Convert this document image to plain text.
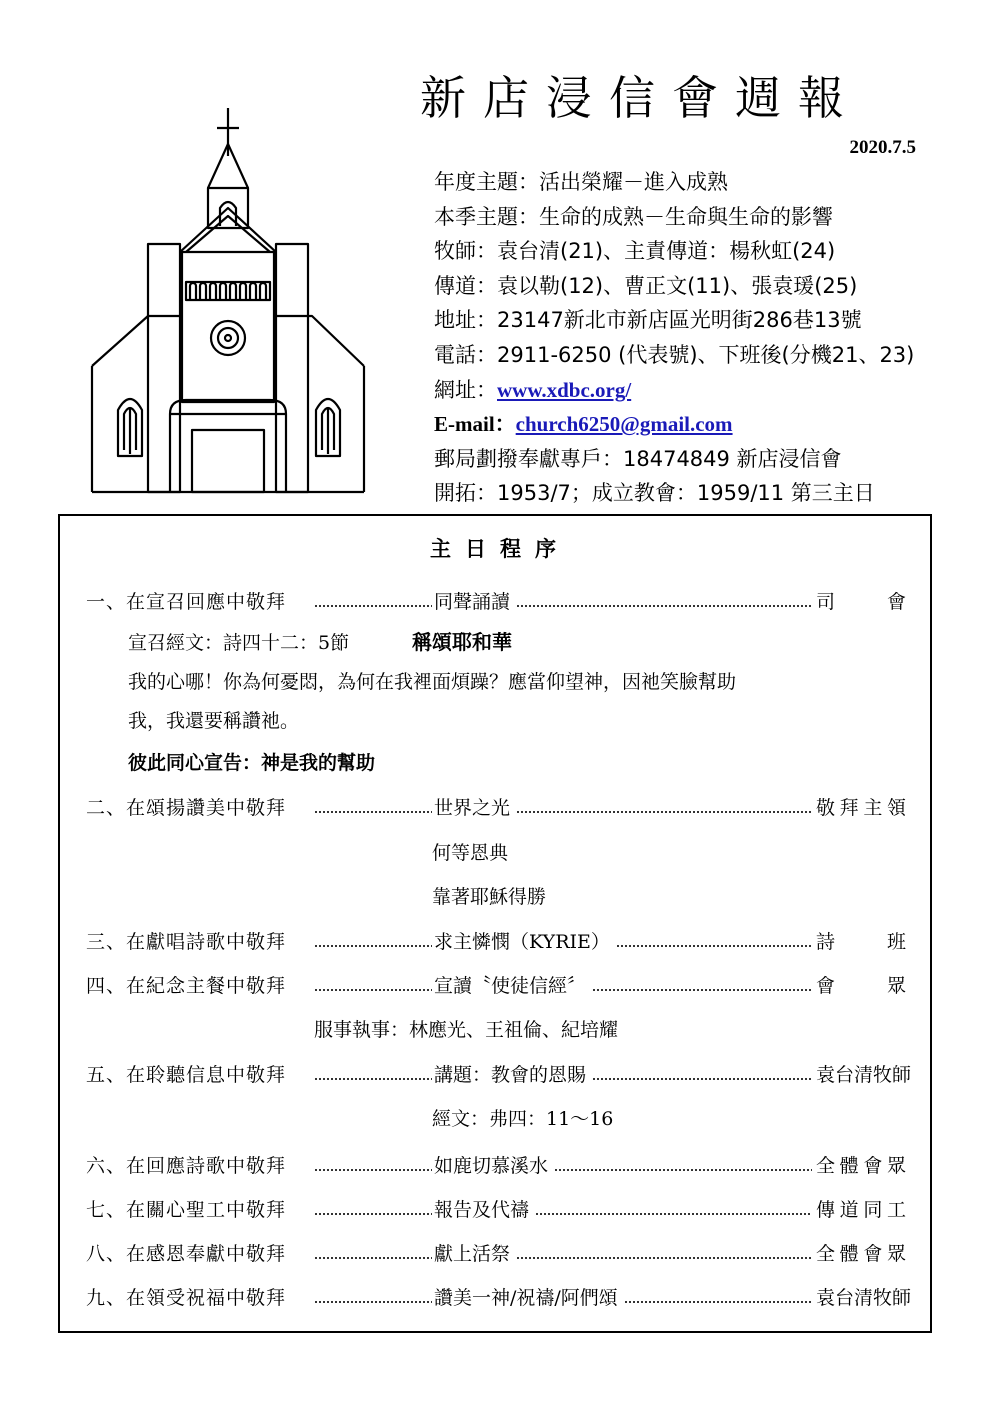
新店浸信會週報
2020.7.5
年度主題：活出榮耀－進入成熟
本季主題：生命的成熟－生命與生命的影響
牧師：袁台清(21)、主責傳道：楊秋虹(24)
傳道：袁以勒(12)、曹正文(11)、張袁瑗(25)
地址：23147新北市新店區光明街286巷13號
電話：2911-6250 (代表號)、下班後(分機21、23)
網址：www.xdbc.org/
E-mail：church6250@gmail.com
郵局劃撥奉獻專戶：18474849 新店浸信會
開拓：1953/7；成立教會：1959/11 第三主日
主日程序
一、在宣召回應中敬拜	同聲誦讀	司　會
宣召經文：詩四十二：5節	稱頌耶和華
我的心哪！你為何憂悶，為何在我裡面煩躁？應當仰望神，因祂笑臉幫助
我，我還要稱讚祂。
彼此同心宣告：神是我的幫助
二、在頌揚讚美中敬拜	世界之光	敬拜主領
何等恩典
靠著耶穌得勝
三、在獻唱詩歌中敬拜	求主憐憫（KYRIE）	詩　班
四、在紀念主餐中敬拜	宣讀〝使徒信經〞	會　眾
服事執事：林應光、王祖倫、紀培耀
五、在聆聽信息中敬拜	講題：教會的恩賜	袁台清牧師
經文：弗四：11～16
六、在回應詩歌中敬拜	如鹿切慕溪水	全體會眾
七、在關心聖工中敬拜	報告及代禱	傳道同工
八、在感恩奉獻中敬拜	獻上活祭	全體會眾
九、在領受祝福中敬拜	讚美一神/祝禱/阿們頌	袁台清牧師
